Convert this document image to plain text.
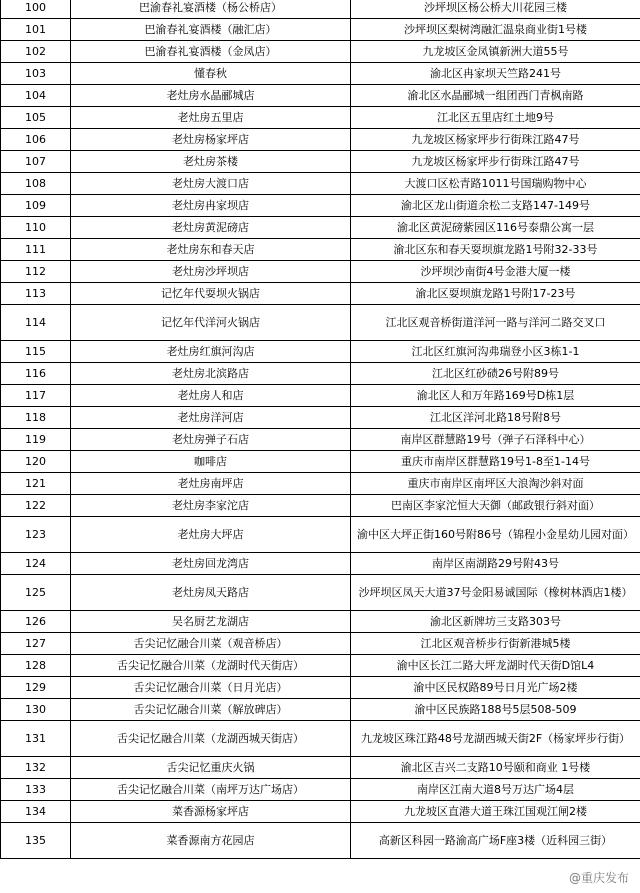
100	巴渝春礼宴酒楼（杨公桥店）	沙坪坝区杨公桥大川花园三楼
101	巴渝春礼宴酒楼（融汇店）	沙坪坝区梨树湾融汇温泉商业街1号楼
102	巴渝春礼宴酒楼（金凤店）	九龙坡区金凤镇新洲大道55号
103	懂春秋	渝北区冉家坝天竺路241号
104	老灶房水晶郦城店	渝北区水晶郦城一组团西门青枫南路
105	老灶房五里店	江北区五里店红土地9号
106	老灶房杨家坪店	九龙坡区杨家坪步行街珠江路47号
107	老灶房茶楼	九龙坡区杨家坪步行街珠江路47号
108	老灶房大渡口店	大渡口区松青路1011号国瑞购物中心
109	老灶房冉家坝店	渝北区龙山街道余松二支路147-149号
110	老灶房黄泥磅店	渝北区黄泥磅紫园区116号泰鼎公寓一层
111	老灶房东和春天店	渝北区东和春天耍坝旗龙路1号附32-33号
112	老灶房沙坪坝店	沙坪坝沙南街4号金港大厦一楼
113	记忆年代耍坝火锅店	渝北区耍坝旗龙路1号附17-23号
114	记忆年代洋河火锅店	江北区观音桥街道洋河一路与洋河二路交叉口
115	老灶房红旗河沟店	江北区红旗河沟弗瑞登小区3栋1-1
116	老灶房北滨路店	江北区红砂碛26号附89号
117	老灶房人和店	渝北区人和万年路169号D栋1层
118	老灶房洋河店	江北区洋河北路18号附8号
119	老灶房弹子石店	南岸区群慧路19号（弹子石泽科中心）
120	咖啡店	重庆市南岸区群慧路19号1-8至1-14号
121	老灶房南坪店	重庆市南岸区南坪区大浪淘沙斜对面
122	老灶房李家沱店	巴南区李家沱恒大天御（邮政银行斜对面）
123	老灶房大坪店	渝中区大坪正街160号附86号（锦程小金星幼儿园对面）
124	老灶房回龙湾店	南岸区南湖路29号附43号
125	老灶房凤天路店	沙坪坝区凤天大道37号金阳易诚国际（橡树林酒店1楼）
126	吴名厨艺龙湖店	渝北区新牌坊三支路303号
127	舌尖记忆融合川菜（观音桥店）	江北区观音桥步行街新港城5楼
128	舌尖记忆融合川菜（龙湖时代天街店）	渝中区长江二路大坪龙湖时代天街D馆L4
129	舌尖记忆融合川菜（日月光店）	渝中区民权路89号日月光广场2楼
130	舌尖记忆融合川菜（解放碑店）	渝中区民族路188号5层508-509
131	舌尖记忆融合川菜（龙湖西城天街店）	九龙坡区珠江路48号龙湖西城天街2F（杨家坪步行街）
132	舌尖记忆重庆火锅	渝北区吉兴二支路10号颐和商业 1号楼
133	舌尖记忆融合川菜（南坪万达广场店）	南岸区江南大道8号万达广场4层
134	菜香源杨家坪店	九龙坡区直港大道王珠江国观江闸2楼
135	菜香源南方花园店	高新区科园一路渝高广场F座3楼（近科园三街）
@重庆发布
